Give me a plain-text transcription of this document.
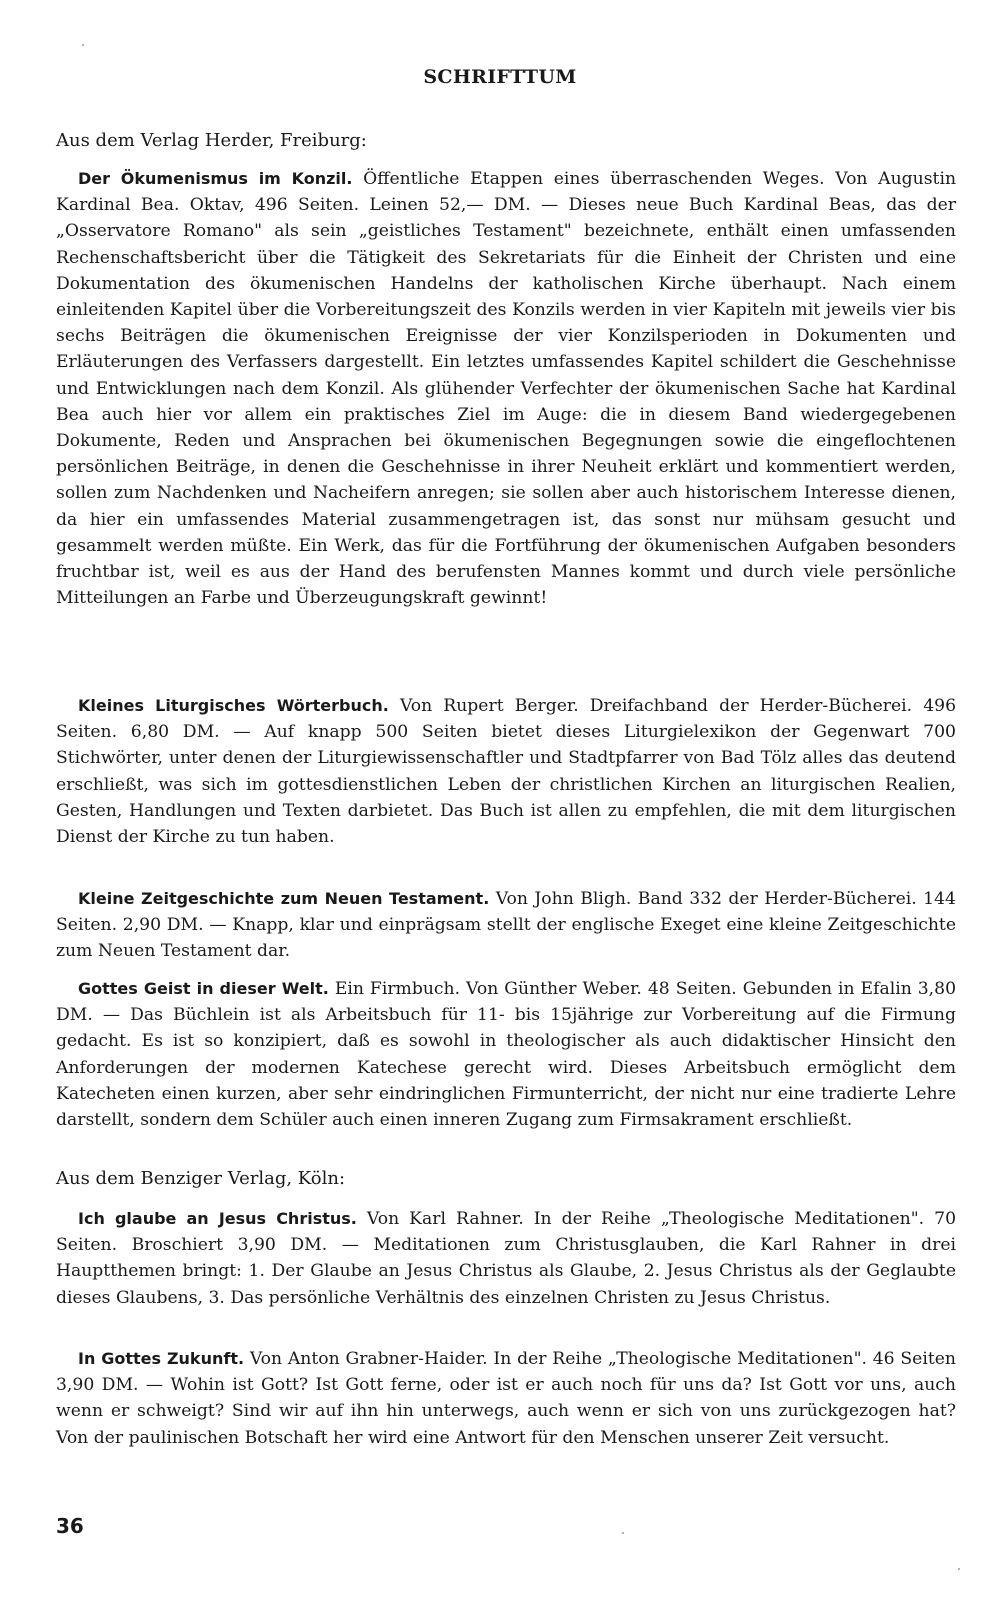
SCHRIFTTUM
Aus dem Verlag Herder, Freiburg:

Der Ökumenismus im Konzil. Öffentliche Etappen eines überraschenden Weges. Von Augustin Kardinal Bea. Oktav, 496 Seiten. Leinen 52,— DM. — Dieses neue Buch Kardinal Beas, das der „Osservatore Romano" als sein „geistliches Testament" bezeichnete, enthält einen umfassenden Rechenschaftsbericht über die Tätigkeit des Sekretariats für die Einheit der Christen und eine Dokumentation des ökumenischen Handelns der katholischen Kirche überhaupt. Nach einem einleitenden Kapitel über die Vorbereitungszeit des Konzils werden in vier Kapiteln mit jeweils vier bis sechs Beiträgen die ökumenischen Ereignisse der vier Konzilsperioden in Dokumenten und Erläuterungen des Verfassers dargestellt. Ein letztes umfassendes Kapitel schildert die Geschehnisse und Entwicklungen nach dem Konzil. Als glühender Verfechter der ökumenischen Sache hat Kardinal Bea auch hier vor allem ein praktisches Ziel im Auge: die in diesem Band wiedergegebenen Dokumente, Reden und Ansprachen bei ökumenischen Begegnungen sowie die eingeflochtenen persönlichen Beiträge, in denen die Geschehnisse in ihrer Neuheit erklärt und kommentiert werden, sollen zum Nachdenken und Nacheifern anregen; sie sollen aber auch historischem Interesse dienen, da hier ein umfassendes Material zusammengetragen ist, das sonst nur mühsam gesucht und gesammelt werden müßte. Ein Werk, das für die Fortführung der ökumenischen Aufgaben besonders fruchtbar ist, weil es aus der Hand des berufensten Mannes kommt und durch viele persönliche Mitteilungen an Farbe und Überzeugungskraft gewinnt!

Kleines Liturgisches Wörterbuch. Von Rupert Berger. Dreifachband der Herder-Bücherei. 496 Seiten. 6,80 DM. — Auf knapp 500 Seiten bietet dieses Liturgielexikon der Gegenwart 700 Stichwörter, unter denen der Liturgiewissenschaftler und Stadtpfarrer von Bad Tölz alles das deutend erschließt, was sich im gottesdienstlichen Leben der christlichen Kirchen an liturgischen Realien, Gesten, Handlungen und Texten darbietet. Das Buch ist allen zu empfehlen, die mit dem liturgischen Dienst der Kirche zu tun haben.

Kleine Zeitgeschichte zum Neuen Testament. Von John Bligh. Band 332 der Herder-Bücherei. 144 Seiten. 2,90 DM. — Knapp, klar und einprägsam stellt der englische Exeget eine kleine Zeitgeschichte zum Neuen Testament dar.

Gottes Geist in dieser Welt. Ein Firmbuch. Von Günther Weber. 48 Seiten. Gebunden in Efalin 3,80 DM. — Das Büchlein ist als Arbeitsbuch für 11- bis 15jährige zur Vorbereitung auf die Firmung gedacht. Es ist so konzipiert, daß es sowohl in theologischer als auch didaktischer Hinsicht den Anforderungen der modernen Katechese gerecht wird. Dieses Arbeitsbuch ermöglicht dem Katecheten einen kurzen, aber sehr eindringlichen Firmunterricht, der nicht nur eine tradierte Lehre darstellt, sondern dem Schüler auch einen inneren Zugang zum Firmsakrament erschließt.

Aus dem Benziger Verlag, Köln:

Ich glaube an Jesus Christus. Von Karl Rahner. In der Reihe „Theologische Meditationen". 70 Seiten. Broschiert 3,90 DM. — Meditationen zum Christusglauben, die Karl Rahner in drei Hauptthemen bringt: 1. Der Glaube an Jesus Christus als Glaube, 2. Jesus Christus als der Geglaubte dieses Glaubens, 3. Das persönliche Verhältnis des einzelnen Christen zu Jesus Christus.

In Gottes Zukunft. Von Anton Grabner-Haider. In der Reihe „Theologische Meditationen". 46 Seiten 3,90 DM. — Wohin ist Gott? Ist Gott ferne, oder ist er auch noch für uns da? Ist Gott vor uns, auch wenn er schweigt? Sind wir auf ihn hin unterwegs, auch wenn er sich von uns zurückgezogen hat? Von der paulinischen Botschaft her wird eine Antwort für den Menschen unserer Zeit versucht.

36
